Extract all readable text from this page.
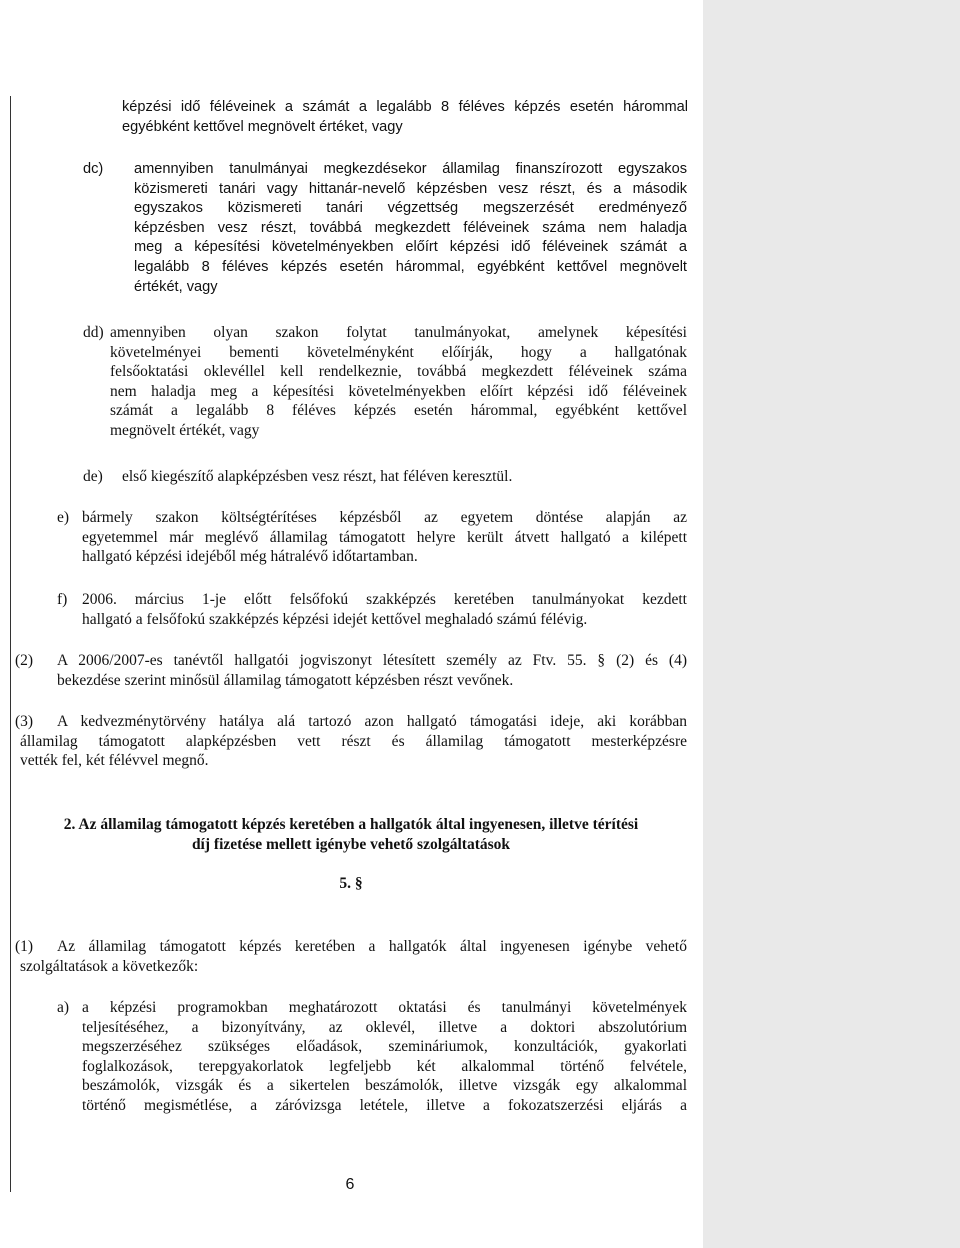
képzési idő féléveinek a számát a legalább 8 féléves képzés esetén hárommal
egyébként kettővel megnövelt értéket, vagy
dc) amennyiben tanulmányai megkezdésekor államilag finanszírozott egyszakos
közismereti tanári vagy hittanár-nevelő képzésben vesz részt, és a második
egyszakos közismereti tanári végzettség megszerzését eredményező
képzésben vesz részt, továbbá megkezdett féléveinek száma nem haladja
meg a képesítési követelményekben előírt képzési idő féléveinek számát a
legalább 8 féléves képzés esetén hárommal, egyébként kettővel megnövelt
értékét, vagy
dd) amennyiben olyan szakon folytat tanulmányokat, amelynek képesítési
követelményei bementi követelményként előírják, hogy a hallgatónak
felsőoktatási oklevéllel kell rendelkeznie, továbbá megkezdett féléveinek száma
nem haladja meg a képesítési követelményekben előírt képzési idő féléveinek
számát a legalább 8 féléves képzés esetén hárommal, egyébként kettővel
megnövelt értékét, vagy
de) első kiegészítő alapképzésben vesz részt, hat féléven keresztül.
e) bármely szakon költségtérítéses képzésből az egyetem döntése alapján az
egyetemmel már meglévő államilag támogatott helyre került átvett hallgató a kilépett
hallgató képzési idejéből még hátralévő időtartamban.
f) 2006. március 1-je előtt felsőfokú szakképzés keretében tanulmányokat kezdett
hallgató a felsőfokú szakképzés képzési idejét kettővel meghaladó számú félévig.
(2) A 2006/2007-es tanévtől hallgatói jogviszonyt létesített személy az Ftv. 55. § (2) és (4)
bekezdése szerint minősül államilag támogatott képzésben részt vevőnek.
(3) A kedvezménytörvény hatálya alá tartozó azon hallgató támogatási ideje, aki korábban
államilag támogatott alapképzésben vett részt és államilag támogatott mesterképzésre
vették fel, két félévvel megnő.
2. Az államilag támogatott képzés keretében a hallgatók által ingyenesen, illetve térítési
díj fizetése mellett igénybe vehető szolgáltatások
5. §
(1) Az államilag támogatott képzés keretében a hallgatók által ingyenesen igénybe vehető
szolgáltatások a következők:
a) a képzési programokban meghatározott oktatási és tanulmányi követelmények
teljesítéséhez, a bizonyítvány, az oklevél, illetve a doktori abszolutórium
megszerzéséhez szükséges előadások, szemináriumok, konzultációk, gyakorlati
foglalkozások, terepgyakorlatok legfeljebb két alkalommal történő felvétele,
beszámolók, vizsgák és a sikertelen beszámolók, illetve vizsgák egy alkalommal
történő megismétlése, a záróvizsga letétele, illetve a fokozatszerzési eljárás a
6
